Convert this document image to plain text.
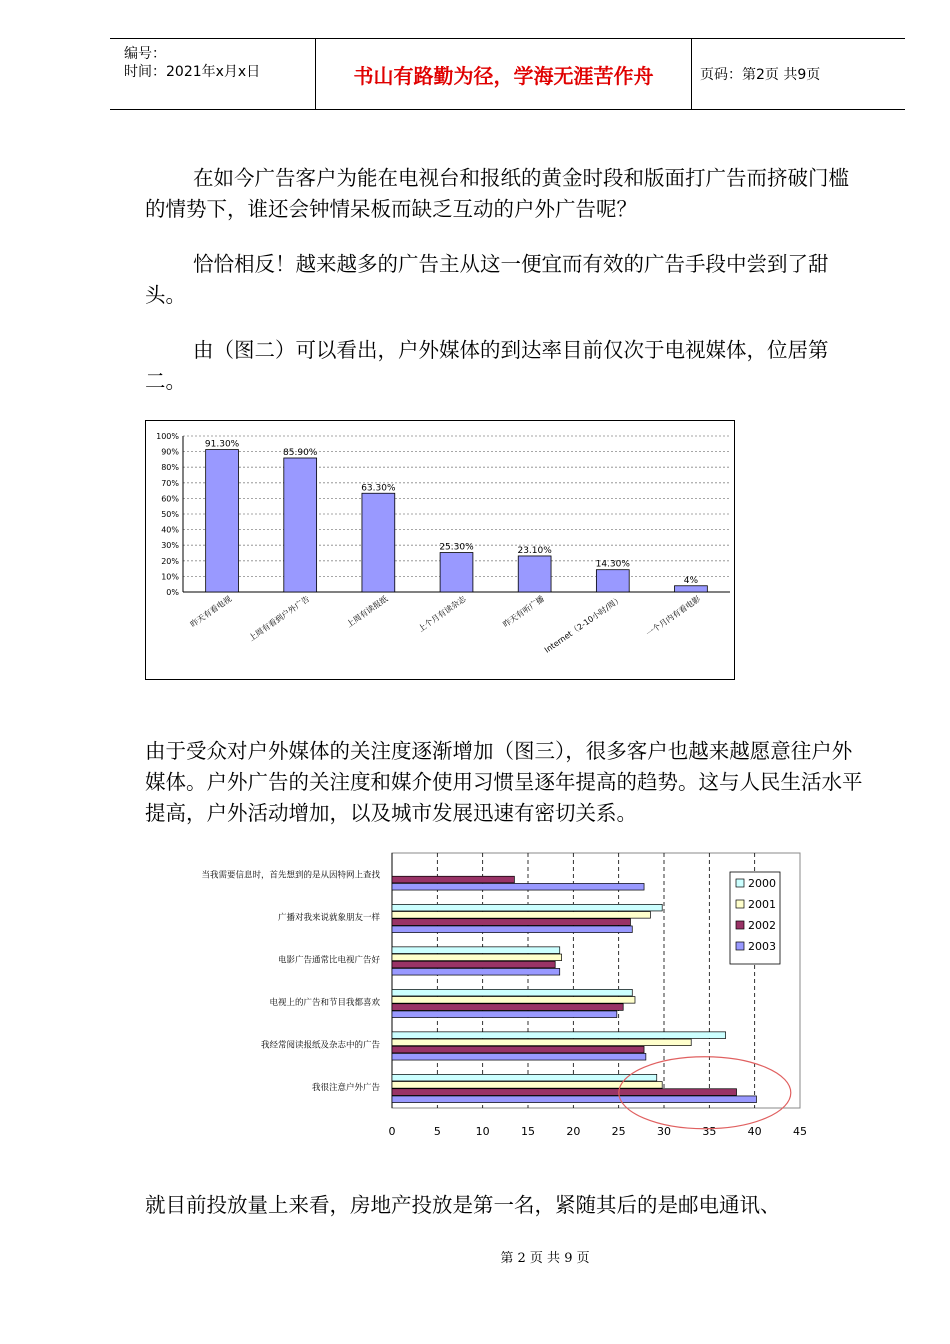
编号：
时间：2021年x月x日	书山有路勤为径，学海无涯苦作舟	页码：第2页 共9页

在如今广告客户为能在电视台和报纸的黄金时段和版面打广告而挤破门槛的情势下，谁还会钟情呆板而缺乏互动的户外广告呢？

恰恰相反！越来越多的广告主从这一便宜而有效的广告手段中尝到了甜头。

由（图二）可以看出，户外媒体的到达率目前仅次于电视媒体，位居第二。

0%
10%
20%
30%
40%
50%
60%
70%
80%
90%
100%
91.30%
昨天有看电视
85.90%
上周有看到户外广告
63.30%
上周有读报纸
25.30%
上个月有读杂志
23.10%
昨天有听广播
14.30%
Internet（2-10小时/周）
4%
一个月内有看电影

由于受众对户外媒体的关注度逐渐增加（图三），很多客户也越来越愿意往户外媒体。户外广告的关注度和媒介使用习惯呈逐年提高的趋势。这与人民生活水平提高，户外活动增加，以及城市发展迅速有密切关系。

0	5	10	15	20	25	30	35	40	45
当我需要信息时，首先想到的是从因特网上查找
广播对我来说就象朋友一样
电影广告通常比电视广告好
电视上的广告和节目我都喜欢
我经常阅读报纸及杂志中的广告
我很注意户外广告
2000
2001
2002
2003

就目前投放量上来看，房地产投放是第一名，紧随其后的是邮电通讯、

第 2 页 共 9 页
